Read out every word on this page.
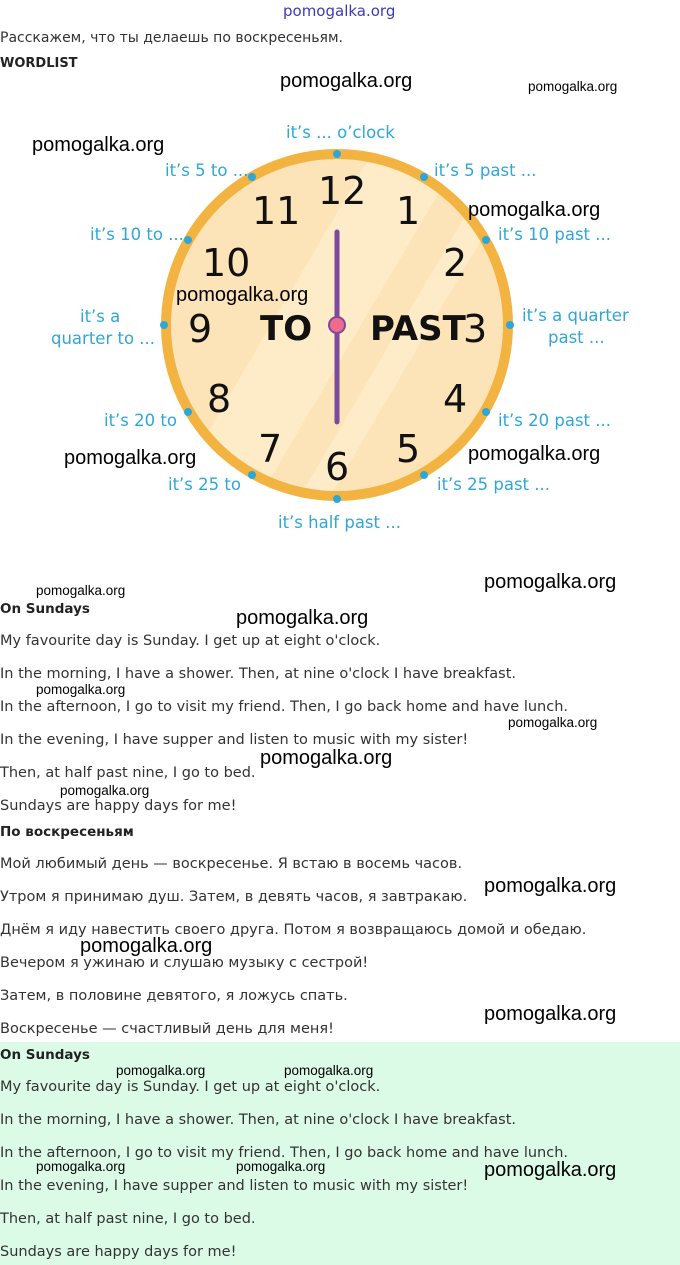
pomogalka.org
Расскажем, что ты делаешь по воскресеньям.
WORDLIST
12 1
2
3
4
5
6
7
8
9
10
11
TO PAST
it’s ... o’clock
it’s 5 past ...
it’s 10 past ...
it’s a quarter
past ...
it’s 20 past ...
it’s 25 past ...
it’s half past ...
it’s 25 to
it’s 20 to
it’s a
quarter to ...
it’s 10 to ...
it’s 5 to ...
On Sundays
My favourite day is Sunday. I get up at eight o'clock.
In the morning, I have a shower. Then, at nine o'clock I have breakfast.
In the afternoon, I go to visit my friend. Then, I go back home and have lunch.
In the evening, I have supper and listen to music with my sister!
Then, at half past nine, I go to bed.
Sundays are happy days for me!
По воскресеньям
Мой любимый день — воскресенье. Я встаю в восемь часов.
Утром я принимаю душ. Затем, в девять часов, я завтракаю.
Днём я иду навестить своего друга. Потом я возвращаюсь домой и обедаю.
Вечером я ужинаю и слушаю музыку с сестрой!
Затем, в половине девятого, я ложусь спать.
Воскресенье — счастливый день для меня!
On Sundays
My favourite day is Sunday. I get up at eight o'clock.
In the morning, I have a shower. Then, at nine o'clock I have breakfast.
In the afternoon, I go to visit my friend. Then, I go back home and have lunch.
In the evening, I have supper and listen to music with my sister!
Then, at half past nine, I go to bed.
Sundays are happy days for me!
pomogalka.org	pomogalka.org
pomogalka.org
pomogalka.org
pomogalka.org
pomogalka.org	pomogalka.org
pomogalka.org
pomogalka.org
pomogalka.org
pomogalka.org
pomogalka.org
pomogalka.org
pomogalka.org
pomogalka.org
pomogalka.org
pomogalka.org
pomogalka.org	pomogalka.org
pomogalka.org	pomogalka.org	pomogalka.org
